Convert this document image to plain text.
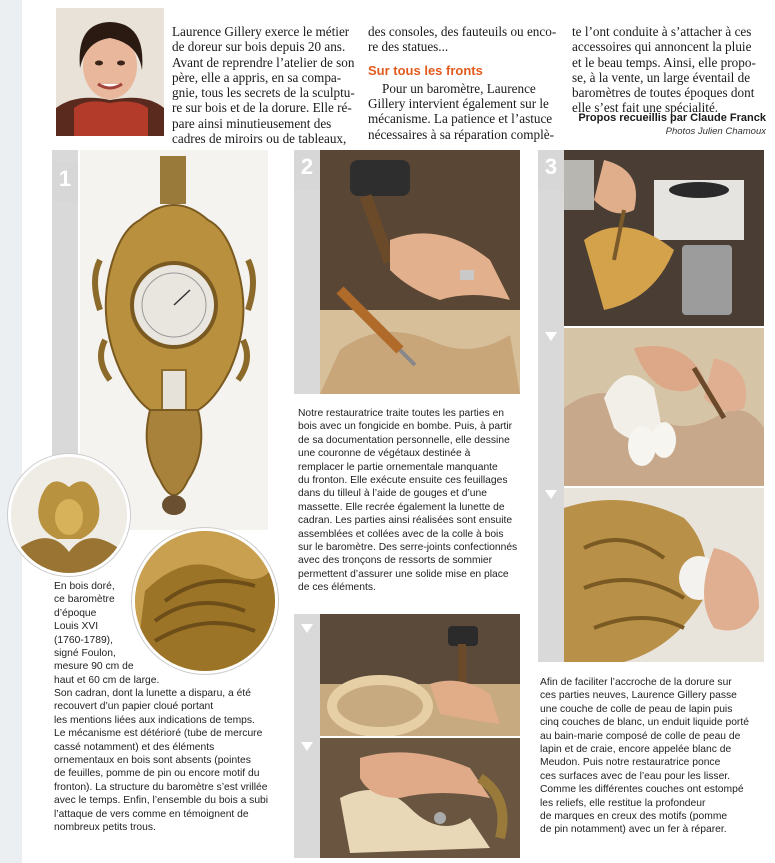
Laurence Gillery exerce le métier

de doreur sur bois depuis 20 ans.

Avant de reprendre l’atelier de son

père, elle a appris, en sa compa-

gnie, tous les secrets de la sculptu-

re sur bois et de la dorure. Elle ré-

pare ainsi minutieusement des

cadres de miroirs ou de tableaux,

des consoles, des fauteuils ou enco-

re des statues...

Sur tous les fronts

Pour un baromètre, Laurence

Gillery intervient également sur le

mécanisme. La patience et l’astuce

nécessaires à sa réparation complè-

te l’ont conduite à s’attacher à ces

accessoires qui annoncent la pluie

et le beau temps. Ainsi, elle propo-

se, à la vente, un large éventail de

baromètres de toutes époques dont

elle s’est fait une spécialité.

Propos recueillis par Claude Franck
Photos Julien Chamoux
1

En bois doré,

ce baromètre

d’époque

Louis XVI

(1760-1789),

signé Foulon,

mesure 90 cm de

haut et 60 cm de large.

Son cadran, dont la lunette a disparu, a été

recouvert d’un papier cloué portant

les mentions liées aux indications de temps.

Le mécanisme est détérioré (tube de mercure

cassé notamment) et des éléments

ornementaux en bois sont absents (pointes

de feuilles, pomme de pin ou encore motif du

fronton). La structure du baromètre s’est vrillée

avec le temps. Enfin, l’ensemble du bois a subi

l’attaque de vers comme en témoignent de

nombreux petits trous.

2

Notre restauratrice traite toutes les parties en

bois avec un fongicide en bombe. Puis, à partir

de sa documentation personnelle, elle dessine

une couronne de végétaux destinée à

remplacer le partie ornementale manquante

du fronton. Elle exécute ensuite ces feuillages

dans du tilleul à l’aide de gouges et d’une

massette. Elle recrée également la lunette de

cadran. Les parties ainsi réalisées sont ensuite

assemblées et collées avec de la colle à bois

sur le baromètre. Des serre-joints confectionnés

avec des tronçons de ressorts de sommier

permettent d’assurer une solide mise en place

de ces éléments.

3

Afin de faciliter l’accroche de la dorure sur

ces parties neuves, Laurence Gillery passe

une couche de colle de peau de lapin puis

cinq couches de blanc, un enduit liquide porté

au bain-marie composé de colle de peau de

lapin et de craie, encore appelée blanc de

Meudon. Puis notre restauratrice ponce

ces surfaces avec de l’eau pour les lisser.

Comme les différentes couches ont estompé

les reliefs, elle restitue la profondeur

de marques en creux des motifs (pomme

de pin notamment) avec un fer à réparer.
